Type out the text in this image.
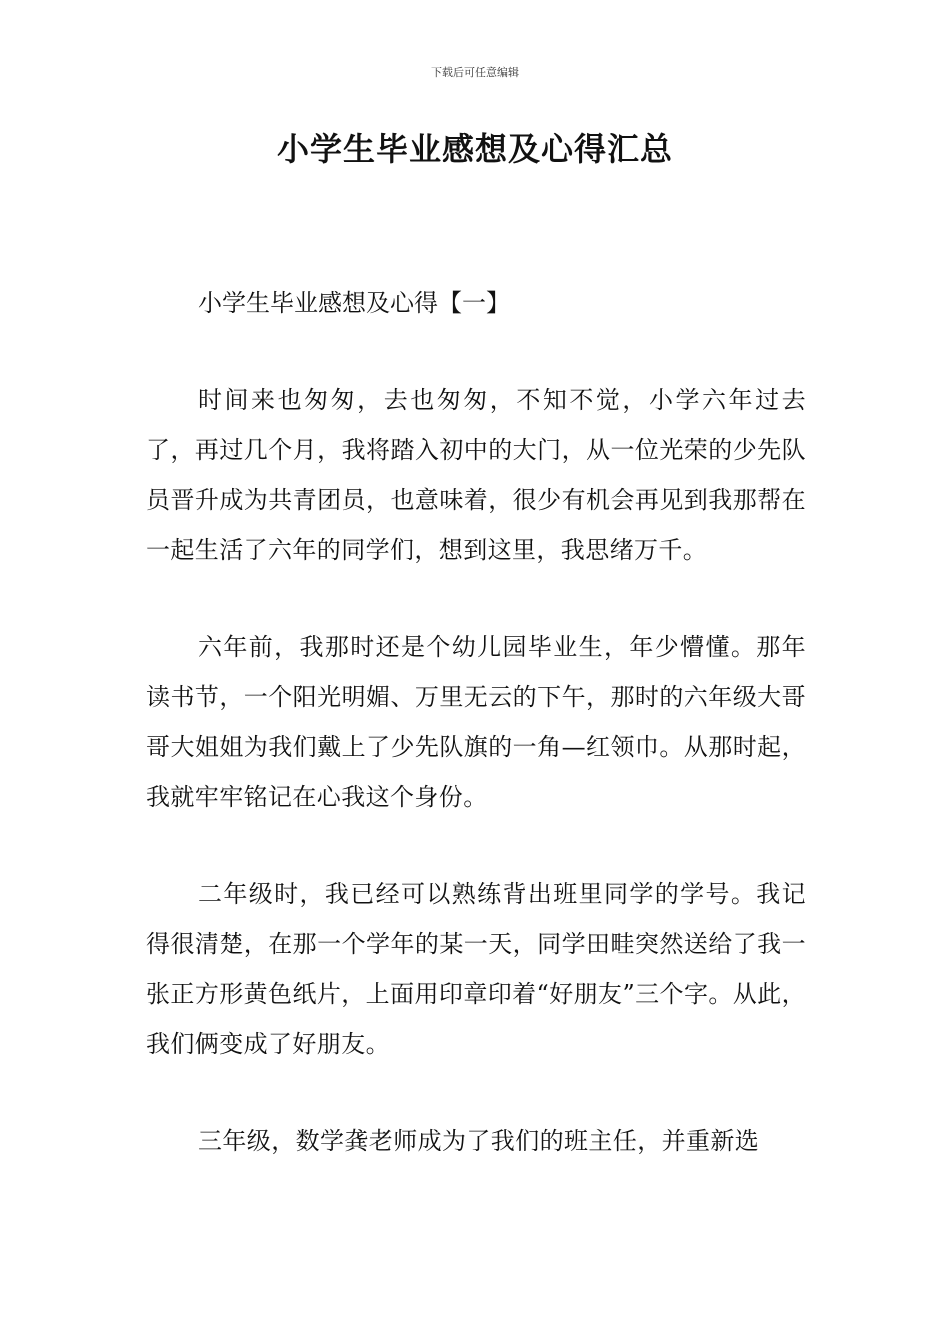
下载后可任意编辑
小学生毕业感想及心得汇总

小学生毕业感想及心得【一】

时间来也匆匆，去也匆匆，不知不觉，小学六年过去了，再过几个月，我将踏入初中的大门，从一位光荣的少先队员晋升成为共青团员，也意味着，很少有机会再见到我那帮在一起生活了六年的同学们，想到这里，我思绪万千。

六年前，我那时还是个幼儿园毕业生，年少懵懂。那年读书节，一个阳光明媚、万里无云的下午，那时的六年级大哥哥大姐姐为我们戴上了少先队旗的一角—红领巾。从那时起，我就牢牢铭记在心我这个身份。

二年级时，我已经可以熟练背出班里同学的学号。我记得很清楚，在那一个学年的某一天，同学田畦突然送给了我一张正方形黄色纸片，上面用印章印着“好朋友”三个字。从此，我们俩变成了好朋友。

三年级，数学龚老师成为了我们的班主任，并重新选
